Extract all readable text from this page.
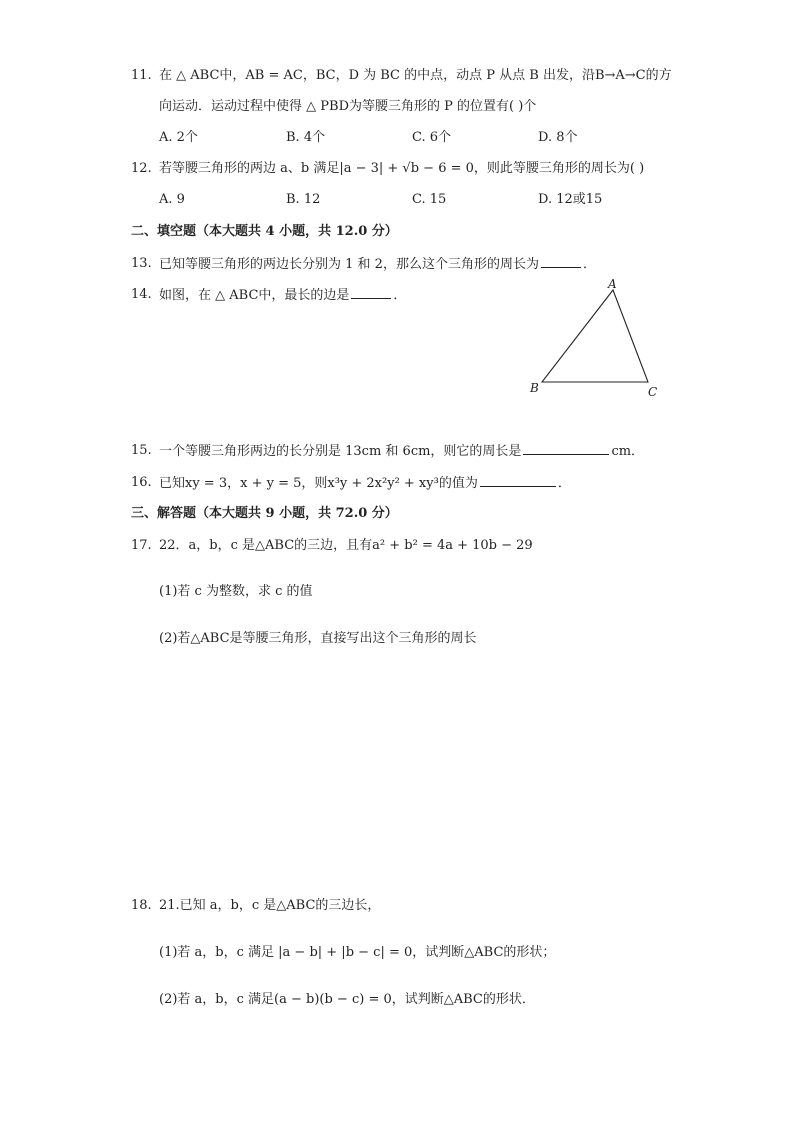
11. 在 △ ABC中，AB = AC，BC，D 为 BC 的中点，动点 P 从点 B 出发，沿B→A→C的方
向运动．运动过程中使得 △ PBD为等腰三角形的 P 的位置有( )个
A. 2个	B. 4个	C. 6个	D. 8个
12. 若等腰三角形的两边 a、b 满足|a − 3| + √b − 6 = 0，则此等腰三角形的周长为( )
A. 9	B. 12	C. 15	D. 12或15
二、填空题（本大题共 4 小题，共 12.0 分）
13. 已知等腰三角形的两边长分别为 1 和 2，那么这个三角形的周长为	．
14. 如图，在 △ ABC中，最长的边是	．
A
B	C
15. 一个等腰三角形两边的长分别是 13cm 和 6cm，则它的周长是	cm．
16. 已知xy = 3，x + y = 5，则x³y + 2x²y² + xy³的值为	．
三、解答题（本大题共 9 小题，共 72.0 分）
17. 22．a，b，c 是△ABC的三边，且有a² + b² = 4a + 10b − 29
(1)若 c 为整数，求 c 的值
(2)若△ABC是等腰三角形，直接写出这个三角形的周长
18. 21.已知 a，b，c 是△ABC的三边长，
(1)若 a，b，c 满足 |a − b| + |b − c| = 0，试判断△ABC的形状；
(2)若 a，b，c 满足(a − b)(b − c) = 0，试判断△ABC的形状．
